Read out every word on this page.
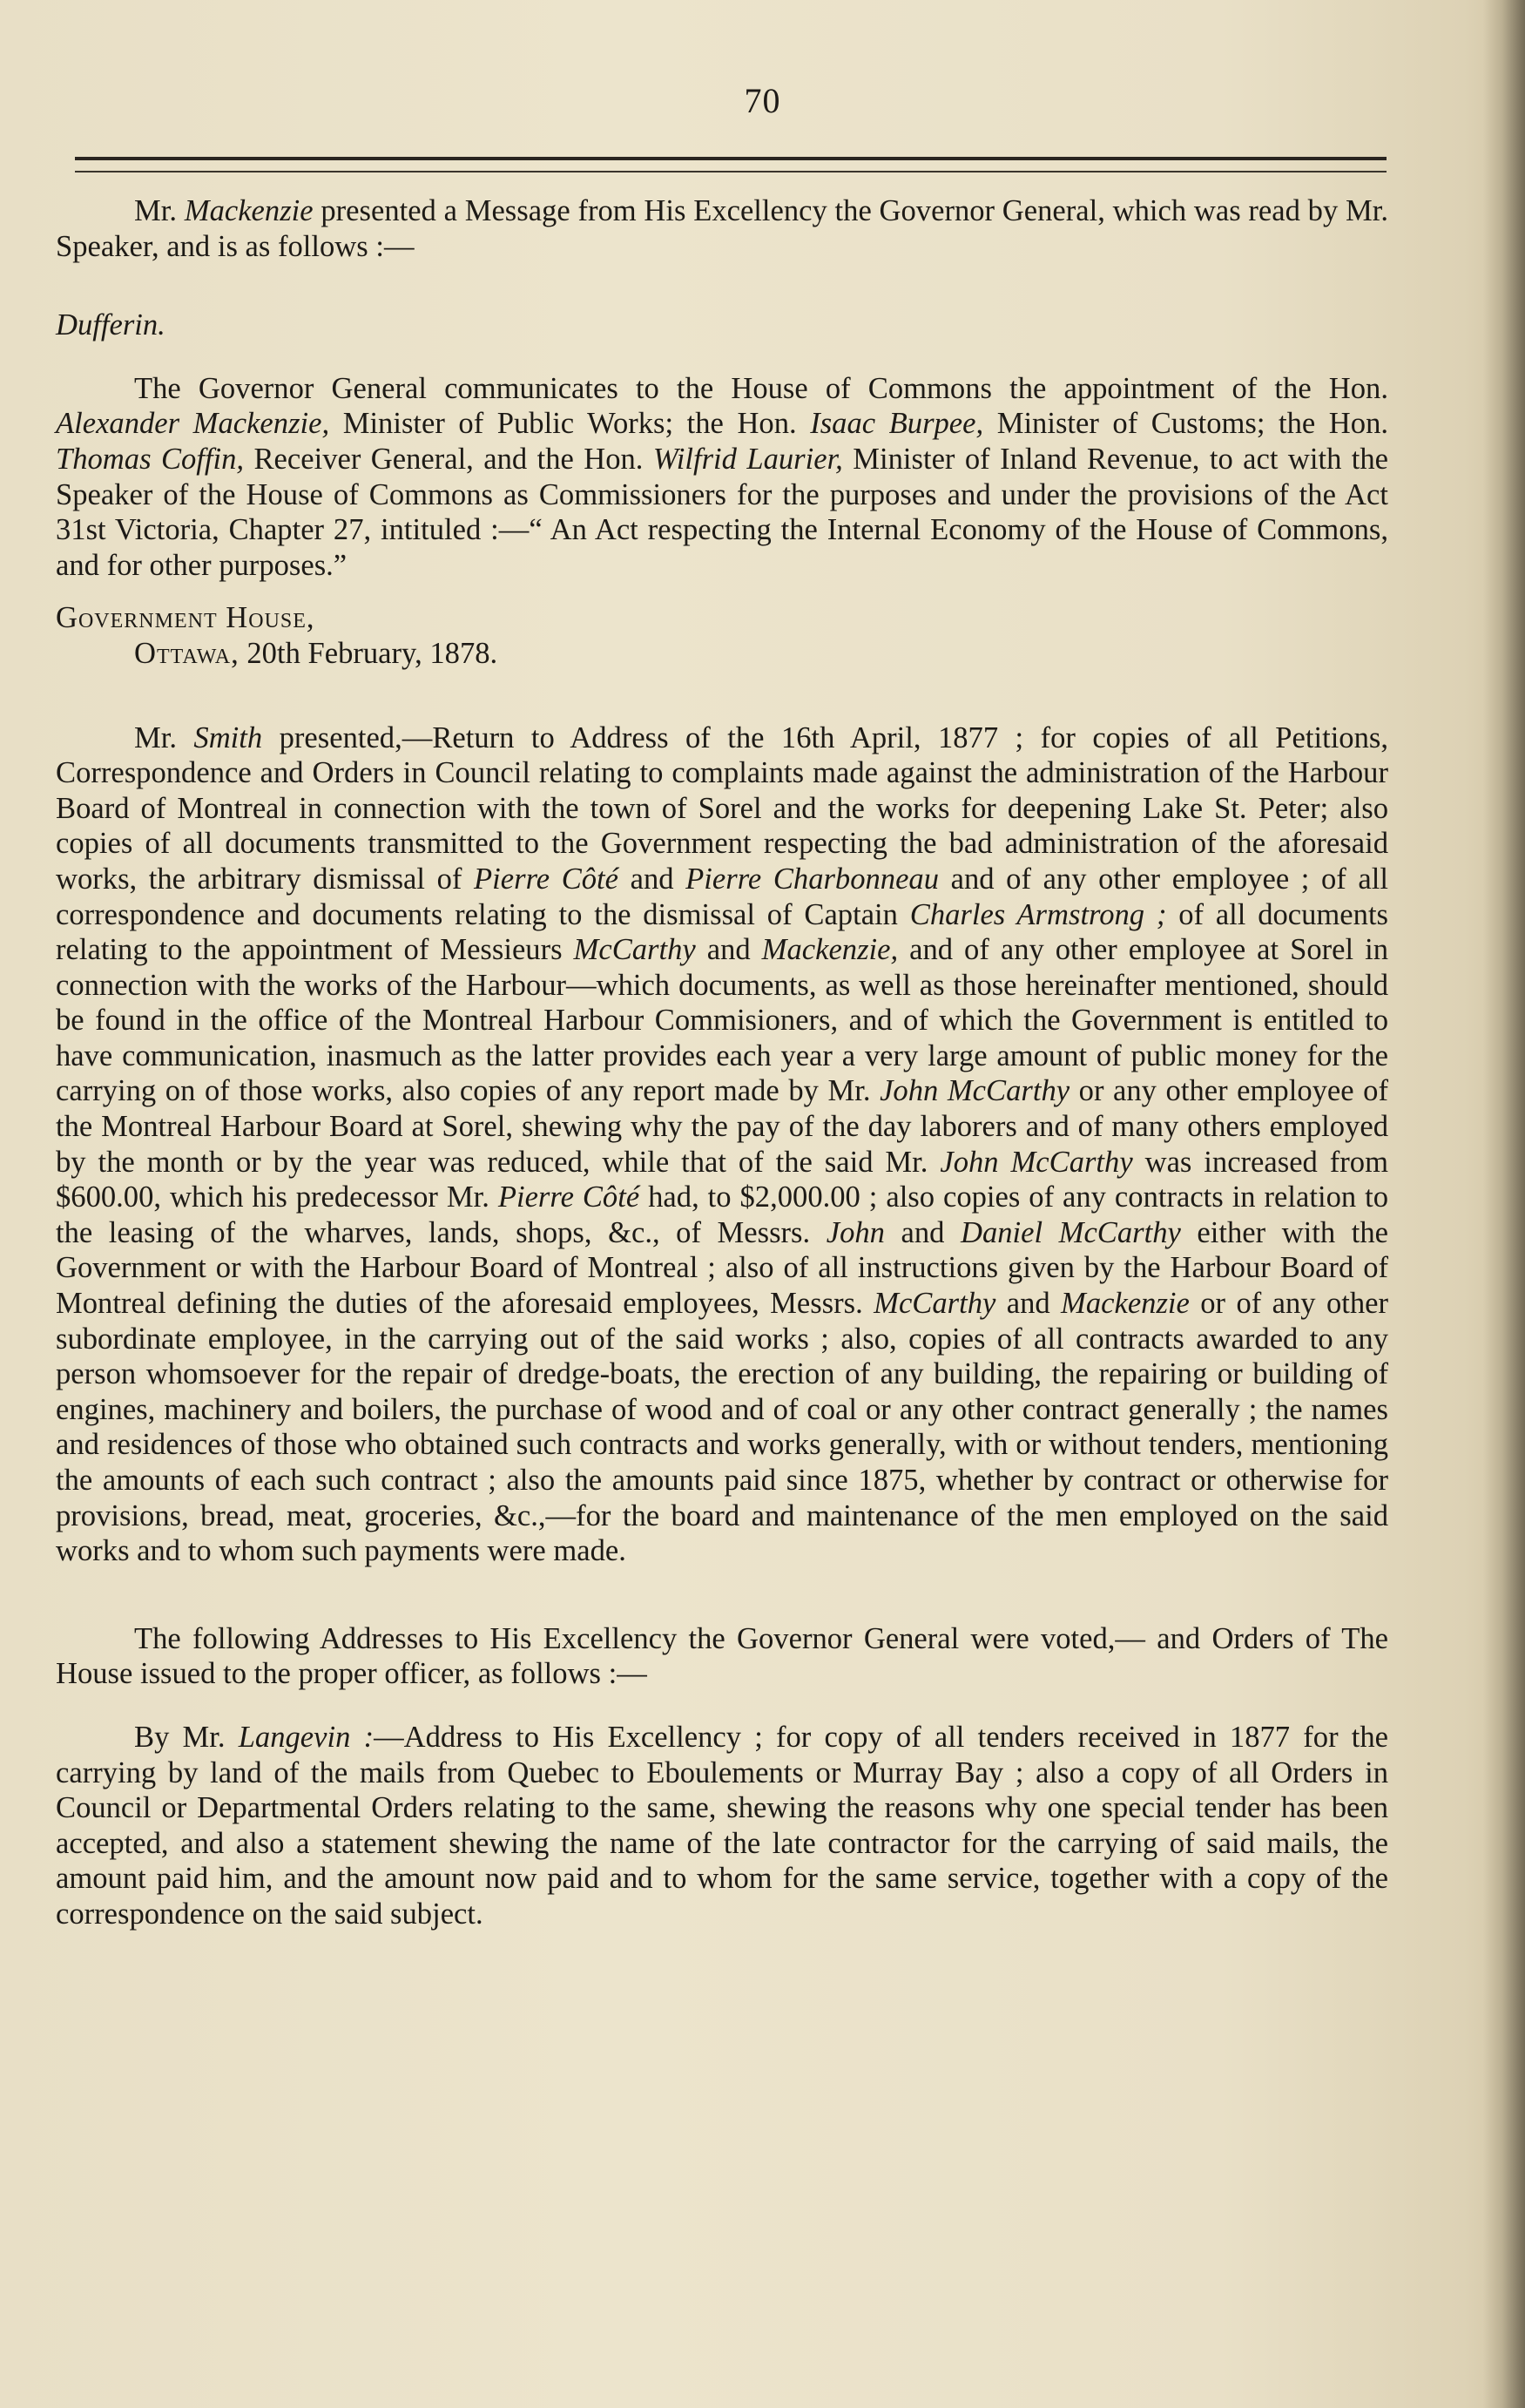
70

Mr. Mackenzie presented a Message from His Excellency the Governor General, which was read by Mr. Speaker, and is as follows :—

Dufferin.

The Governor General communicates to the House of Commons the appointment of the Hon. Alexander Mackenzie, Minister of Public Works; the Hon. Isaac Burpee, Minister of Customs; the Hon. Thomas Coffin, Receiver General, and the Hon. Wilfrid Laurier, Minister of Inland Revenue, to act with the Speaker of the House of Commons as Commissioners for the purposes and under the provisions of the Act 31st Victoria, Chapter 27, intituled :—“ An Act respecting the Internal Economy of the House of Commons, and for other purposes.”

Government House,

Ottawa, 20th February, 1878.

Mr. Smith presented,—Return to Address of the 16th April, 1877 ; for copies of all Petitions, Correspondence and Orders in Council relating to complaints made against the administration of the Harbour Board of Montreal in connection with the town of Sorel and the works for deepening Lake St. Peter; also copies of all documents transmitted to the Government respecting the bad administration of the aforesaid works, the arbitrary dismissal of Pierre Côté and Pierre Charbonneau and of any other employee ; of all correspondence and documents relating to the dismissal of Captain Charles Armstrong ; of all documents relating to the appointment of Messieurs McCarthy and Mackenzie, and of any other employee at Sorel in connection with the works of the Harbour—which documents, as well as those hereinafter mentioned, should be found in the office of the Montreal Harbour Commisioners, and of which the Government is entitled to have communication, inasmuch as the latter provides each year a very large amount of public money for the carrying on of those works, also copies of any report made by Mr. John McCarthy or any other employee of the Montreal Harbour Board at Sorel, shewing why the pay of the day laborers and of many others employed by the month or by the year was reduced, while that of the said Mr. John McCarthy was increased from $600.00, which his predecessor Mr. Pierre Côté had, to $2,000.00 ; also copies of any contracts in relation to the leasing of the wharves, lands, shops, &c., of Messrs. John and Daniel McCarthy either with the Government or with the Harbour Board of Montreal ; also of all instructions given by the Harbour Board of Montreal defining the duties of the aforesaid employees, Messrs. McCarthy and Mackenzie or of any other subordinate employee, in the carrying out of the said works ; also, copies of all contracts awarded to any person whomsoever for the repair of dredge-boats, the erection of any building, the repairing or building of engines, machinery and boilers, the purchase of wood and of coal or any other contract generally ; the names and residences of those who obtained such contracts and works generally, with or without tenders, mentioning the amounts of each such contract ; also the amounts paid since 1875, whether by contract or otherwise for provisions, bread, meat, groceries, &c.,—for the board and maintenance of the men employed on the said works and to whom such payments were made.

The following Addresses to His Excellency the Governor General were voted,— and Orders of The House issued to the proper officer, as follows :—

By Mr. Langevin :—Address to His Excellency ; for copy of all tenders received in 1877 for the carrying by land of the mails from Quebec to Eboulements or Murray Bay ; also a copy of all Orders in Council or Departmental Orders relating to the same, shewing the reasons why one special tender has been accepted, and also a statement shewing the name of the late contractor for the carrying of said mails, the amount paid him, and the amount now paid and to whom for the same service, together with a copy of the correspondence on the said subject.
